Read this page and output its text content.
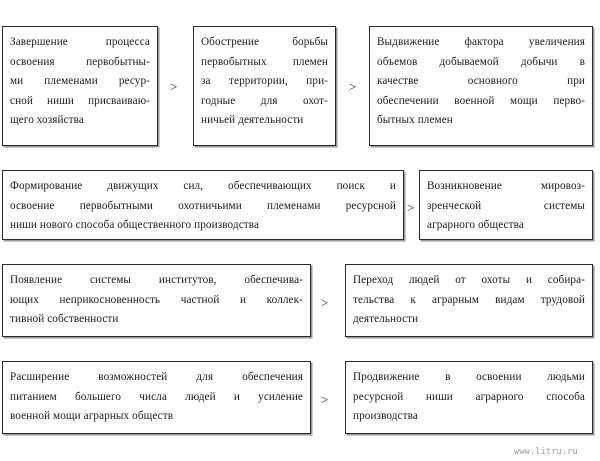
Завершение процесса
освоения первобытны-
ми племенами ресур-
сной ниши присваиваю-
щего хозяйства
>
Обострение борьбы
первобытных племен
за территории, при-
годные для охот-
ничьей деятельности
>
Выдвижение фактора увеличения
объемов добываемой добычи в
качестве основного при
обеспечении военной мощи перво-
бытных племен
Формирование движущих сил, обеспечивающих поиск и
освоение первобытными охотничьими племенами ресурсной
ниши нового способа общественного производства
>
Возникновение мировоз-
зренческой системы
аграрного общества
Появление системы институтов, обеспечива-
ющих неприкосновенность частной и коллек-
тивной собственности
>
Переход людей от охоты и собира-
тельства к аграрным видам трудовой
деятельности
Расширение возможностей для обеспечения
питанием большего числа людей и усиление
военной мощи аграрных обществ
>
Продвижение в освоении людьми
ресурсной ниши аграрного способа
производства
www.litru.ru
